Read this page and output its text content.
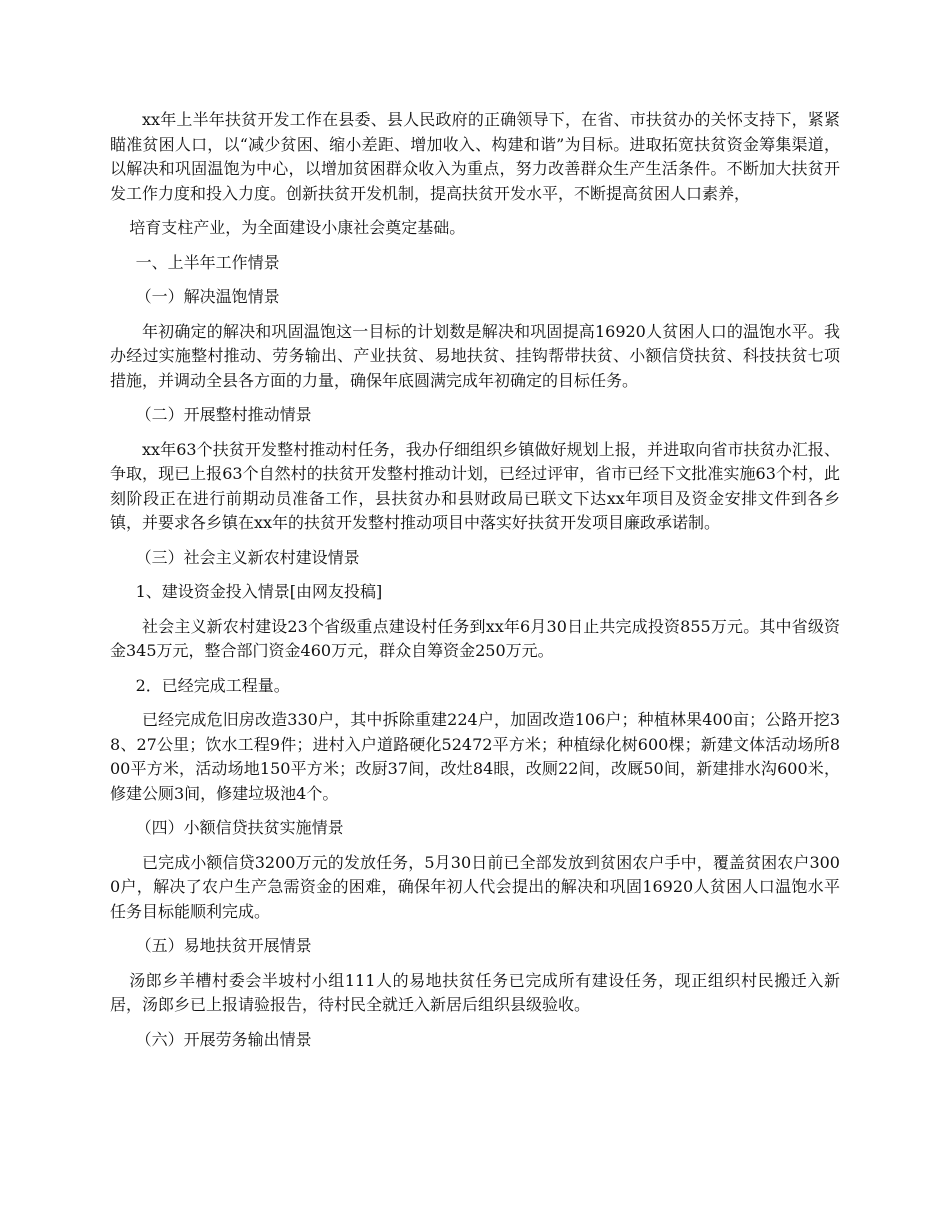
xx年上半年扶贫开发工作在县委、县人民政府的正确领导下，在省、市扶贫办的关怀支持下，紧紧瞄准贫困人口，以“减少贫困、缩小差距、增加收入、构建和谐”为目标。进取拓宽扶贫资金筹集渠道，以解决和巩固温饱为中心，以增加贫困群众收入为重点，努力改善群众生产生活条件。不断加大扶贫开发工作力度和投入力度。创新扶贫开发机制，提高扶贫开发水平，不断提高贫困人口素养，

培育支柱产业，为全面建设小康社会奠定基础。

一、上半年工作情景

（一）解决温饱情景

年初确定的解决和巩固温饱这一目标的计划数是解决和巩固提高16920人贫困人口的温饱水平。我办经过实施整村推动、劳务输出、产业扶贫、易地扶贫、挂钩帮带扶贫、小额信贷扶贫、科技扶贫七项措施，并调动全县各方面的力量，确保年底圆满完成年初确定的目标任务。

（二）开展整村推动情景

xx年63个扶贫开发整村推动村任务，我办仔细组织乡镇做好规划上报，并进取向省市扶贫办汇报、争取，现已上报63个自然村的扶贫开发整村推动计划，已经过评审，省市已经下文批准实施63个村，此刻阶段正在进行前期动员准备工作，县扶贫办和县财政局已联文下达xx年项目及资金安排文件到各乡镇，并要求各乡镇在xx年的扶贫开发整村推动项目中落实好扶贫开发项目廉政承诺制。

（三）社会主义新农村建设情景

1、建设资金投入情景[由网友投稿]

社会主义新农村建设23个省级重点建设村任务到xx年6月30日止共完成投资855万元。其中省级资金345万元，整合部门资金460万元，群众自筹资金250万元。

2．已经完成工程量。

已经完成危旧房改造330户，其中拆除重建224户，加固改造106户；种植林果400亩；公路开挖38、27公里；饮水工程9件；进村入户道路硬化52472平方米；种植绿化树600棵；新建文体活动场所800平方米，活动场地150平方米；改厨37间，改灶84眼，改厕22间，改厩50间，新建排水沟600米，修建公厕3间，修建垃圾池4个。

（四）小额信贷扶贫实施情景

已完成小额信贷3200万元的发放任务，5月30日前已全部发放到贫困农户手中，覆盖贫困农户3000户，解决了农户生产急需资金的困难，确保年初人代会提出的解决和巩固16920人贫困人口温饱水平任务目标能顺利完成。

（五）易地扶贫开展情景

汤郎乡羊槽村委会半坡村小组111人的易地扶贫任务已完成所有建设任务，现正组织村民搬迁入新居，汤郎乡已上报请验报告，待村民全就迁入新居后组织县级验收。

（六）开展劳务输出情景
